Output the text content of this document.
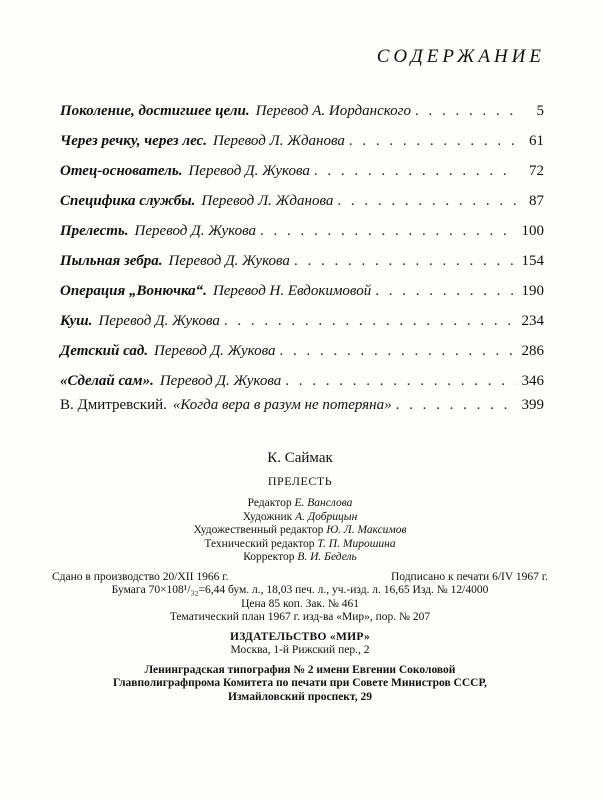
СОДЕРЖАНИЕ
Поколение, достигшее цели. Перевод А. Иорданского . . .	5
Через речку, через лес. Перевод Л. Жданова . . .	61
Отец-основатель. Перевод Д. Жукова . . .	72
Специфика службы. Перевод Л. Жданова . . .	87
Прелесть. Перевод Д. Жукова . . .	100
Пыльная зебра. Перевод Д. Жукова . . .	154
Операция „Вонючка“. Перевод Н. Евдокимовой . . .	190
Куш. Перевод Д. Жукова . . .	234
Детский сад. Перевод Д. Жукова . . .	286
«Сделай сам». Перевод Д. Жукова . . .	346
В. Дмитревский. «Когда вера в разум не потеряна» . . .	399
К. Саймак
ПРЕЛЕСТЬ
Редактор Е. Ванслова
Художник А. Добрицын
Художественный редактор Ю. Л. Максимов
Технический редактор Т. П. Мирошина
Корректор В. И. Бедель
Сдано в производство 20/XII 1966 г.	Подписано к печати 6/IV 1967 г.
Бумага 70×108¹/₃₂=6,44 бум. л., 18,03 печ. л., уч.-изд. л. 16,65 Изд. № 12/4000
Цена 85 коп. Зак. № 461
Тематический план 1967 г. изд-ва «Мир», пор. № 207
ИЗДАТЕЛЬСТВО «МИР»
Москва, 1-й Рижский пер., 2
Ленинградская типография № 2 имени Евгении Соколовой
Главполиграфпрома Комитета по печати при Совете Министров СССР,
Измайловский проспект, 29
